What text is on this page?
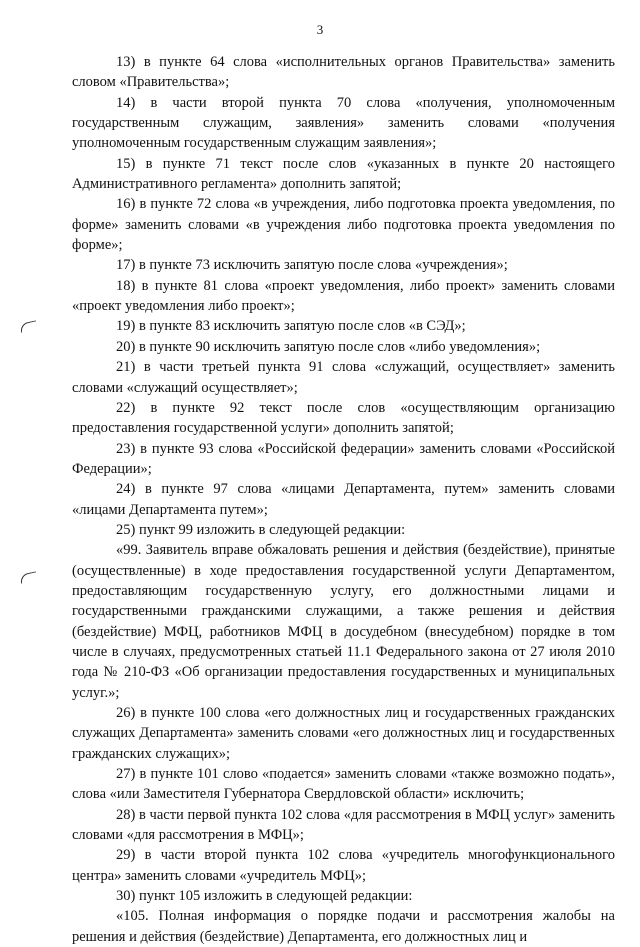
3

13) в пункте 64 слова «исполнительных органов Правительства» заменить словом «Правительства»;

14) в части второй пункта 70 слова «получения, уполномоченным государственным служащим, заявления» заменить словами «получения уполномоченным государственным служащим заявления»;

15) в пункте 71 текст после слов «указанных в пункте 20 настоящего Административного регламента» дополнить запятой;

16) в пункте 72 слова «в учреждения, либо подготовка проекта уведомления, по форме» заменить словами «в учреждения либо подготовка проекта уведомления по форме»;

17) в пункте 73 исключить запятую после слова «учреждения»;

18) в пункте 81 слова «проект уведомления, либо проект» заменить словами «проект уведомления либо проект»;

19) в пункте 83 исключить запятую после слов «в СЭД»;

20) в пункте 90 исключить запятую после слов «либо уведомления»;

21) в части третьей пункта 91 слова «служащий, осуществляет» заменить словами «служащий осуществляет»;

22) в пункте 92 текст после слов «осуществляющим организацию предоставления государственной услуги» дополнить запятой;

23) в пункте 93 слова «Российской федерации» заменить словами «Российской Федерации»;

24) в пункте 97 слова «лицами Департамента, путем» заменить словами «лицами Департамента путем»;

25) пункт 99 изложить в следующей редакции:

«99. Заявитель вправе обжаловать решения и действия (бездействие), принятые (осуществленные) в ходе предоставления государственной услуги Департаментом, предоставляющим государственную услугу, его должностными лицами и государственными гражданскими служащими, а также решения и действия (бездействие) МФЦ, работников МФЦ в досудебном (внесудебном) порядке в том числе в случаях, предусмотренных статьей 11.1 Федерального закона от 27 июля 2010 года № 210-ФЗ «Об организации предоставления государственных и муниципальных услуг.»;

26) в пункте 100 слова «его должностных лиц и государственных гражданских служащих Департамента» заменить словами «его должностных лиц и государственных гражданских служащих»;

27) в пункте 101 слово «подается» заменить словами «также возможно подать», слова «или Заместителя Губернатора Свердловской области» исключить;

28) в части первой пункта 102 слова «для рассмотрения в МФЦ услуг» заменить словами «для рассмотрения в МФЦ»;

29) в части второй пункта 102 слова «учредитель многофункционального центра» заменить словами «учредитель МФЦ»;

30) пункт 105 изложить в следующей редакции:

«105. Полная информация о порядке подачи и рассмотрения жалобы на решения и действия (бездействие) Департамента, его должностных лиц и
